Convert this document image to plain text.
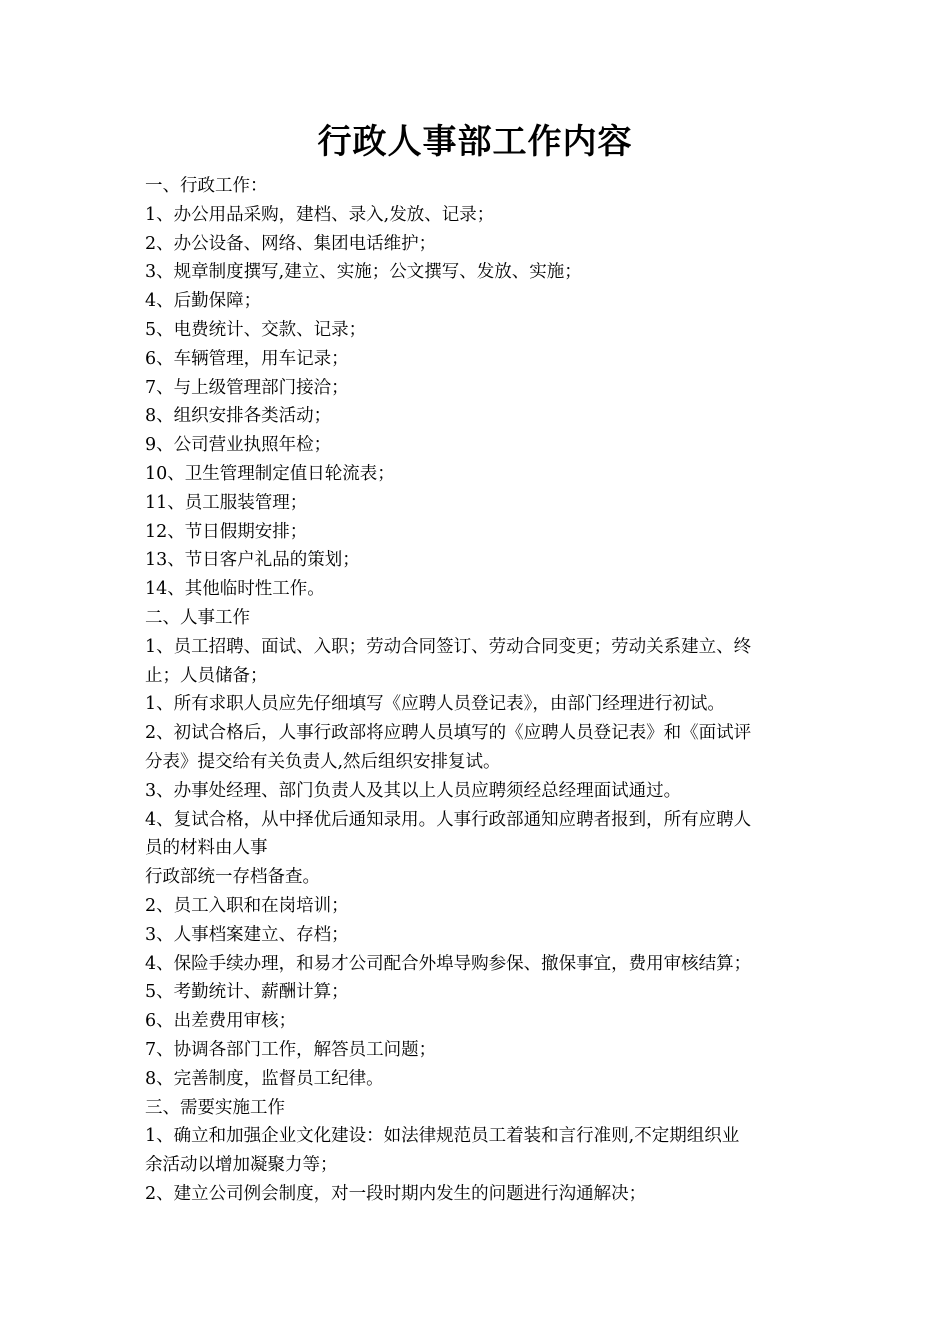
行政人事部工作内容

一、行政工作：

1、办公用品采购，建档、录入,发放、记录；

2、办公设备、网络、集团电话维护；

3、规章制度撰写,建立、实施；公文撰写、发放、实施；

4、后勤保障；

5、电费统计、交款、记录；

6、车辆管理，用车记录；

7、与上级管理部门接洽；

8、组织安排各类活动；

9、公司营业执照年检；

10、卫生管理制定值日轮流表；

11、员工服装管理；

12、节日假期安排；

13、节日客户礼品的策划；

14、其他临时性工作。

二、人事工作

1、员工招聘、面试、入职；劳动合同签订、劳动合同变更；劳动关系建立、终

止；人员储备；

1、所有求职人员应先仔细填写《应聘人员登记表》，由部门经理进行初试。

2、初试合格后，人事行政部将应聘人员填写的《应聘人员登记表》和《面试评

分表》提交给有关负责人,然后组织安排复试。

3、办事处经理、部门负责人及其以上人员应聘须经总经理面试通过。

4、复试合格，从中择优后通知录用。人事行政部通知应聘者报到，所有应聘人

员的材料由人事

行政部统一存档备查。

2、员工入职和在岗培训；

3、人事档案建立、存档；

4、保险手续办理，和易才公司配合外埠导购参保、撤保事宜，费用审核结算；

5、考勤统计、薪酬计算；

6、出差费用审核；

7、协调各部门工作，解答员工问题；

8、完善制度，监督员工纪律。

三、需要实施工作

1、确立和加强企业文化建设：如法律规范员工着装和言行准则,不定期组织业

余活动以增加凝聚力等；

2、建立公司例会制度，对一段时期内发生的问题进行沟通解决；
